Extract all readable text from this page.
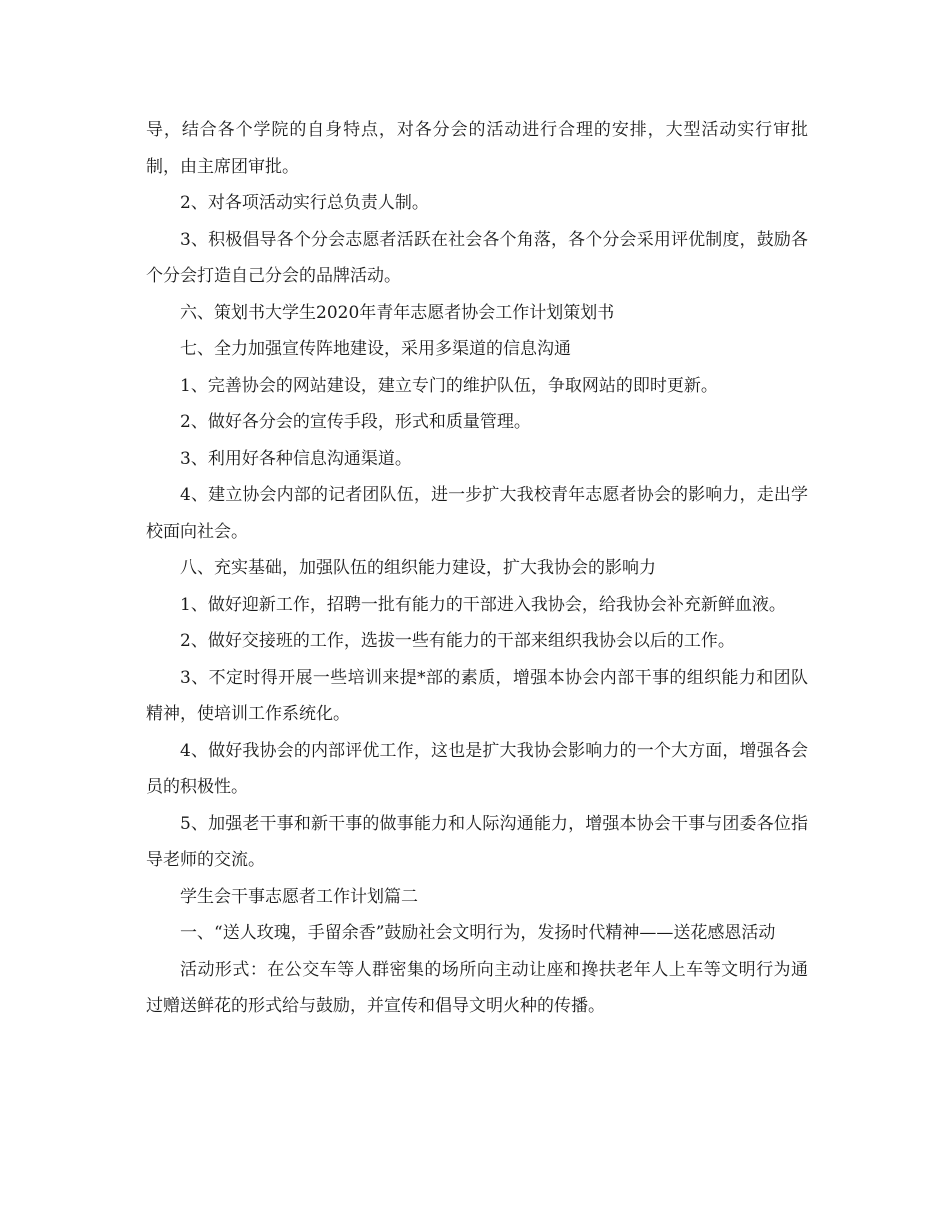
导，结合各个学院的自身特点，对各分会的活动进行合理的安排，大型活动实行审批制，由主席团审批。

2、对各项活动实行总负责人制。

3、积极倡导各个分会志愿者活跃在社会各个角落，各个分会采用评优制度，鼓励各个分会打造自己分会的品牌活动。

六、策划书大学生2020年青年志愿者协会工作计划策划书

七、全力加强宣传阵地建设，采用多渠道的信息沟通

1、完善协会的网站建设，建立专门的维护队伍，争取网站的即时更新。

2、做好各分会的宣传手段，形式和质量管理。

3、利用好各种信息沟通渠道。

4、建立协会内部的记者团队伍，进一步扩大我校青年志愿者协会的影响力，走出学校面向社会。

八、充实基础，加强队伍的组织能力建设，扩大我协会的影响力

1、做好迎新工作，招聘一批有能力的干部进入我协会，给我协会补充新鲜血液。

2、做好交接班的工作，选拔一些有能力的干部来组织我协会以后的工作。

3、不定时得开展一些培训来提*部的素质，增强本协会内部干事的组织能力和团队精神，使培训工作系统化。

4、做好我协会的内部评优工作，这也是扩大我协会影响力的一个大方面，增强各会员的积极性。

5、加强老干事和新干事的做事能力和人际沟通能力，增强本协会干事与团委各位指导老师的交流。

学生会干事志愿者工作计划篇二

一、“送人玫瑰，手留余香”鼓励社会文明行为，发扬时代精神——送花感恩活动

活动形式：在公交车等人群密集的场所向主动让座和搀扶老年人上车等文明行为通过赠送鲜花的形式给与鼓励，并宣传和倡导文明火种的传播。
